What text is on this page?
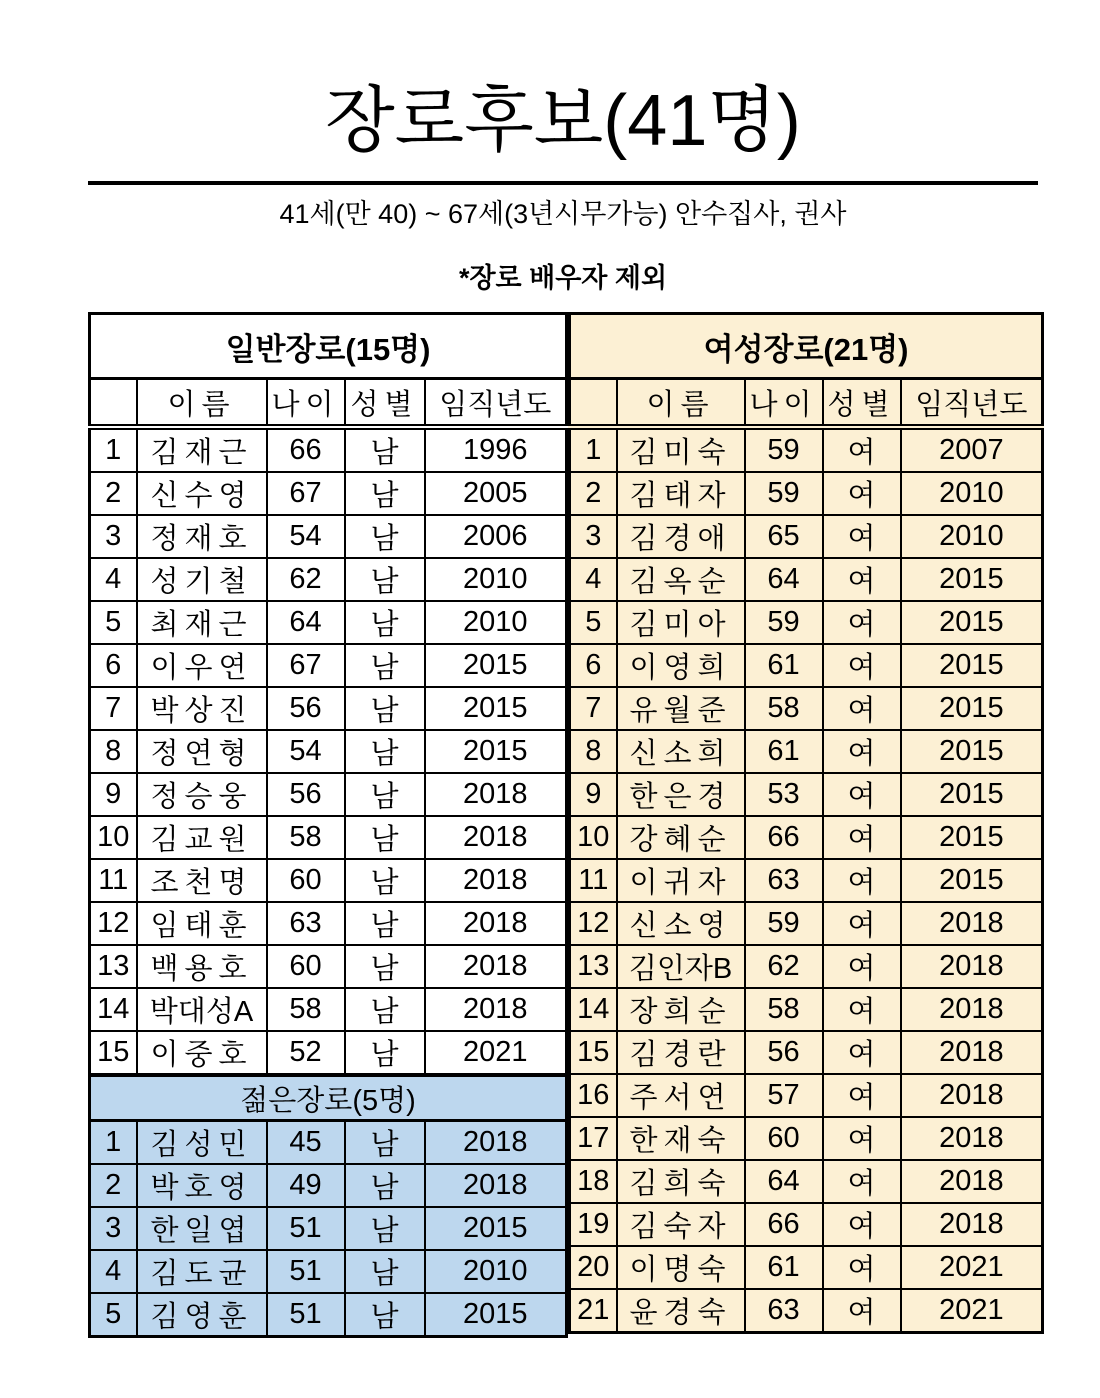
장로후보(41명)
41세(만 40) ~ 67세(3년시무가능) 안수집사, 권사
*장로 배우자 제외
일반장로(15명)				
	이름	나이	성별	임직년도
1	김재근	66	남	1996
2	신수영	67	남	2005
3	정재호	54	남	2006
4	성기철	62	남	2010
5	최재근	64	남	2010
6	이우연	67	남	2015
7	박상진	56	남	2015
8	정연형	54	남	2015
9	정승웅	56	남	2018
10	김교원	58	남	2018
11	조천명	60	남	2018
12	임태훈	63	남	2018
13	백용호	60	남	2018
14	박대성A	58	남	2018
15	이중호	52	남	2021
젊은장로(5명)				
1	김성민	45	남	2018
2	박호영	49	남	2018
3	한일엽	51	남	2015
4	김도균	51	남	2010
5	김영훈	51	남	2015
여성장로(21명)				
	이름	나이	성별	임직년도
1	김미숙	59	여	2007
2	김태자	59	여	2010
3	김경애	65	여	2010
4	김옥순	64	여	2015
5	김미아	59	여	2015
6	이영희	61	여	2015
7	유월준	58	여	2015
8	신소희	61	여	2015
9	한은경	53	여	2015
10	강혜순	66	여	2015
11	이귀자	63	여	2015
12	신소영	59	여	2018
13	김인자B	62	여	2018
14	장희순	58	여	2018
15	김경란	56	여	2018
16	주서연	57	여	2018
17	한재숙	60	여	2018
18	김희숙	64	여	2018
19	김숙자	66	여	2018
20	이명숙	61	여	2021
21	윤경숙	63	여	2021
